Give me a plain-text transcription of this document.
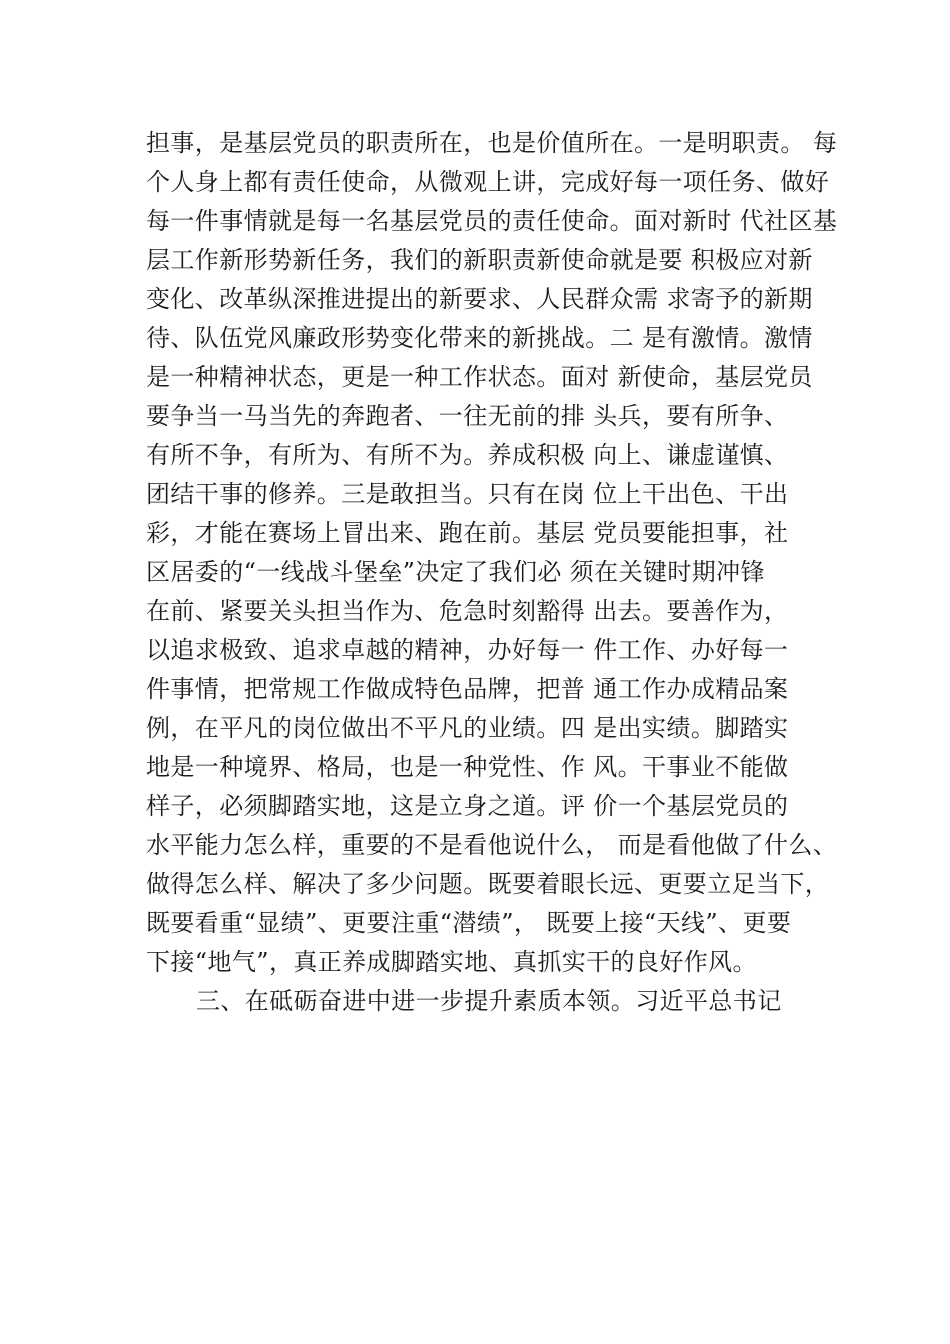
担事，是基层党员的职责所在，也是价值所在。一是明职责。 每

个人身上都有责任使命，从微观上讲，完成好每一项任务、做好

每一件事情就是每一名基层党员的责任使命。面对新时 代社区基

层工作新形势新任务，我们的新职责新使命就是要 积极应对新

变化、改革纵深推进提出的新要求、人民群众需 求寄予的新期

待、队伍党风廉政形势变化带来的新挑战。二 是有激情。激情

是一种精神状态，更是一种工作状态。面对 新使命，基层党员

要争当一马当先的奔跑者、一往无前的排 头兵，要有所争、

有所不争，有所为、有所不为。养成积极 向上、谦虚谨慎、

团结干事的修养。三是敢担当。只有在岗 位上干出色、干出

彩，才能在赛场上冒出来、跑在前。基层 党员要能担事，社

区居委的“一线战斗堡垒”决定了我们必 须在关键时期冲锋

在前、紧要关头担当作为、危急时刻豁得 出去。要善作为，

以追求极致、追求卓越的精神，办好每一 件工作、办好每一

件事情，把常规工作做成特色品牌，把普 通工作办成精品案

例，在平凡的岗位做出不平凡的业绩。四 是出实绩。脚踏实

地是一种境界、格局，也是一种党性、作 风。干事业不能做

样子，必须脚踏实地，这是立身之道。评 价一个基层党员的

水平能力怎么样，重要的不是看他说什么， 而是看他做了什么、

做得怎么样、解决了多少问题。既要着眼长远、更要立足当下，

既要看重“显绩”、更要注重“潜绩”， 既要上接“天线”、更要

下接“地气”，真正养成脚踏实地、真抓实干的良好作风。

三、在砥砺奋进中进一步提升素质本领。习近平总书记
